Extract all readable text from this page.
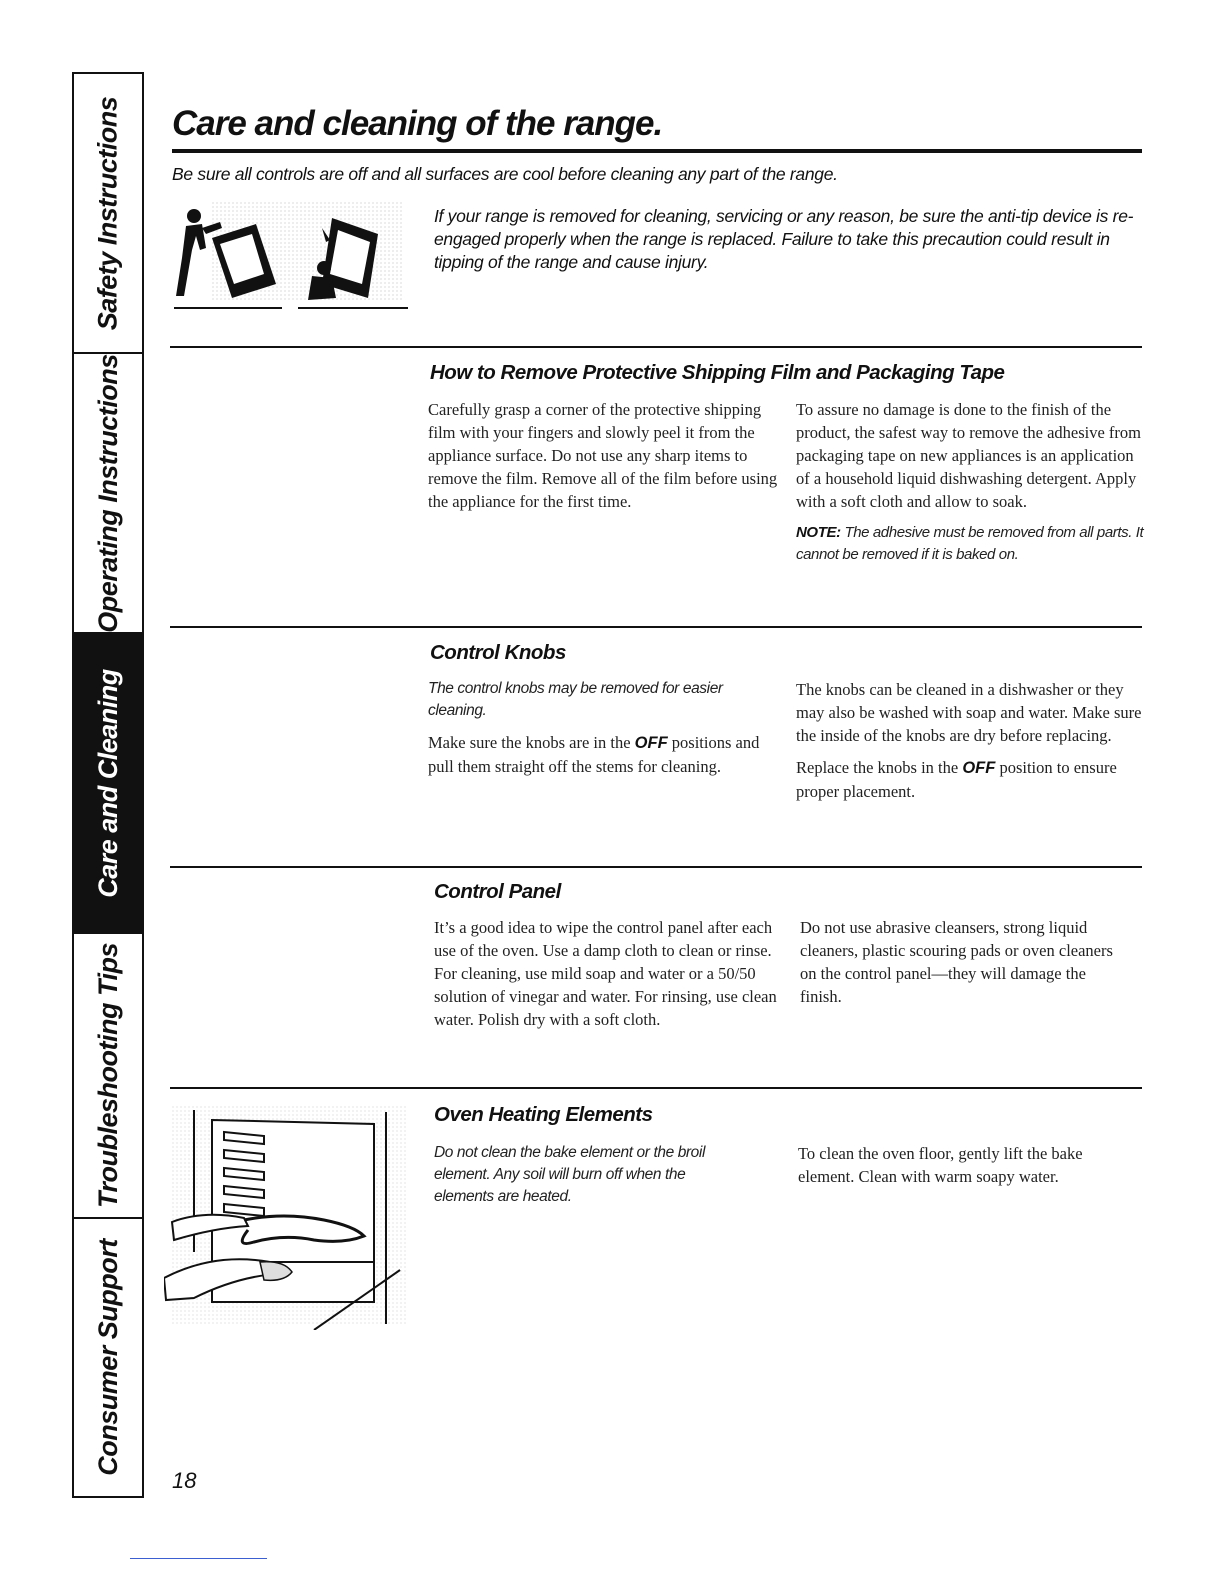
Safety Instructions
Operating Instructions
Care and Cleaning
Troubleshooting Tips
Consumer Support
Care and cleaning of the range.
Be sure all controls are off and all surfaces are cool before cleaning any part of the range.
If your range is removed for cleaning, servicing or any reason, be sure the anti-tip device is re-engaged properly when the range is replaced. Failure to take this precaution could result in tipping of the range and cause injury.
How to Remove Protective Shipping Film and Packaging Tape

Carefully grasp a corner of the protective shipping film with your fingers and slowly peel it from the appliance surface. Do not use any sharp items to remove the film. Remove all of the film before using the appliance for the first time.

To assure no damage is done to the finish of the product, the safest way to remove the adhesive from packaging tape on new appliances is an application of a household liquid dishwashing detergent. Apply with a soft cloth and allow to soak.

NOTE: The adhesive must be removed from all parts. It cannot be removed if it is baked on.

Control Knobs

The control knobs may be removed for easier cleaning.

Make sure the knobs are in the OFF positions and pull them straight off the stems for cleaning.

The knobs can be cleaned in a dishwasher or they may also be washed with soap and water. Make sure the inside of the knobs are dry before replacing.

Replace the knobs in the OFF position to ensure proper placement.

Control Panel

It’s a good idea to wipe the control panel after each use of the oven. Use a damp cloth to clean or rinse. For cleaning, use mild soap and water or a 50/50 solution of vinegar and water. For rinsing, use clean water. Polish dry with a soft cloth.

Do not use abrasive cleansers, strong liquid cleaners, plastic scouring pads or oven cleaners on the control panel—they will damage the finish.

Oven Heating Elements

Do not clean the bake element or the broil element. Any soil will burn off when the elements are heated.

To clean the oven floor, gently lift the bake element. Clean with warm soapy water.

18
